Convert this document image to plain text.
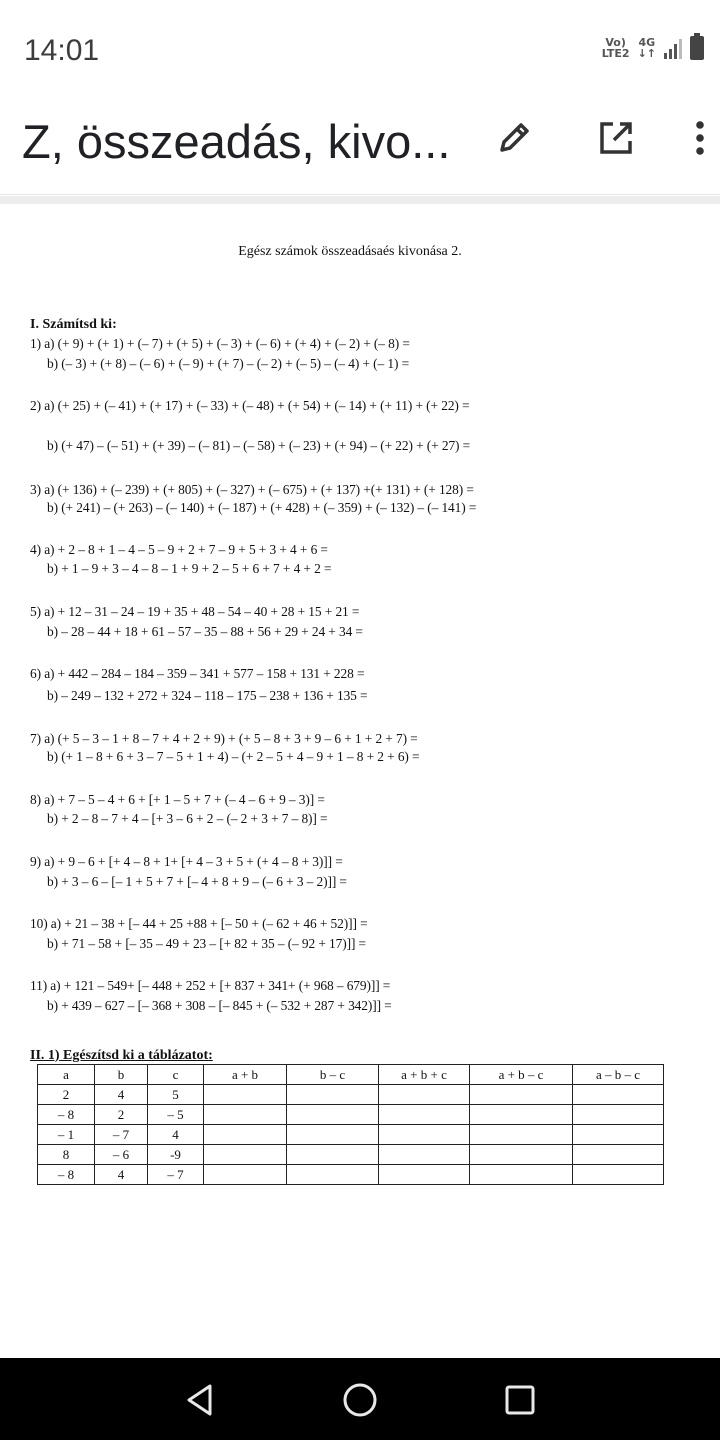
14:01	Vo)
LTE2
4G
↓↑
Z, összeadás, kivo...
Egész számok összeadásaés kivonása 2.
I. Számítsd ki:
1) a) (+ 9) + (+ 1) + (– 7) + (+ 5) + (– 3) + (– 6) + (+ 4) + (– 2) + (– 8) =
b) (– 3) + (+ 8) – (– 6) + (– 9) + (+ 7) – (– 2) + (– 5) – (– 4) + (– 1) =
2) a) (+ 25) + (– 41) + (+ 17) + (– 33) + (– 48) + (+ 54) + (– 14) + (+ 11) + (+ 22) =
b) (+ 47) – (– 51) + (+ 39) – (– 81) – (– 58) + (– 23) + (+ 94) – (+ 22) + (+ 27) =
3) a) (+ 136) + (– 239) + (+ 805) + (– 327) + (– 675) + (+ 137) +(+ 131) + (+ 128) =
b) (+ 241) – (+ 263) – (– 140) + (– 187) + (+ 428) + (– 359) + (– 132) – (– 141) =
4) a) + 2 – 8 + 1 – 4 – 5 – 9 + 2 + 7 – 9 + 5 + 3 + 4 + 6 =
b) + 1 – 9 + 3 – 4 – 8 – 1 + 9 + 2 – 5 + 6 + 7 + 4 + 2 =
5) a) + 12 – 31 – 24 – 19 + 35 + 48 – 54 – 40 + 28 + 15 + 21 =
b) – 28 – 44 + 18 + 61 – 57 – 35 – 88 + 56 + 29 + 24 + 34 =
6) a) + 442 – 284 – 184 – 359 – 341 + 577 – 158 + 131 + 228 =
b) – 249 – 132 + 272 + 324 – 118 – 175 – 238 + 136 + 135 =
7) a) (+ 5 – 3 – 1 + 8 – 7 + 4 + 2 + 9) + (+ 5 – 8 + 3 + 9 – 6 + 1 + 2 + 7) =
b) (+ 1 – 8 + 6 + 3 – 7 – 5 + 1 + 4) – (+ 2 – 5 + 4 – 9 + 1 – 8 + 2 + 6) =
8) a) + 7 – 5 – 4 + 6 + [+ 1 – 5 + 7 + (– 4 – 6 + 9 – 3)] =
b) + 2 – 8 – 7 + 4 – [+ 3 – 6 + 2 – (– 2 + 3 + 7 – 8)] =
9) a) + 9 – 6 + [+ 4 – 8 + 1+ [+ 4 – 3 + 5 + (+ 4 – 8 + 3)]] =
b) + 3 – 6 – [– 1 + 5 + 7 + [– 4 + 8 + 9 – (– 6 + 3 – 2)]] =
10) a) + 21 – 38 + [– 44 + 25 +88 + [– 50 + (– 62 + 46 + 52)]] =
b) + 71 – 58 + [– 35 – 49 + 23 – [+ 82 + 35 – (– 92 + 17)]] =
11) a) + 121 – 549+ [– 448 + 252 + [+ 837 + 341+ (+ 968 – 679)]] =
b) + 439 – 627 – [– 368 + 308 – [– 845 + (– 532 + 287 + 342)]] =
II. 1) Egészítsd ki a táblázatot:
a	b	c	a + b	b – c	a + b + c	a + b – c	a – b – c
2	4	5					
– 8	2	– 5					
– 1	– 7	4					
8	– 6	-9					
– 8	4	– 7					
